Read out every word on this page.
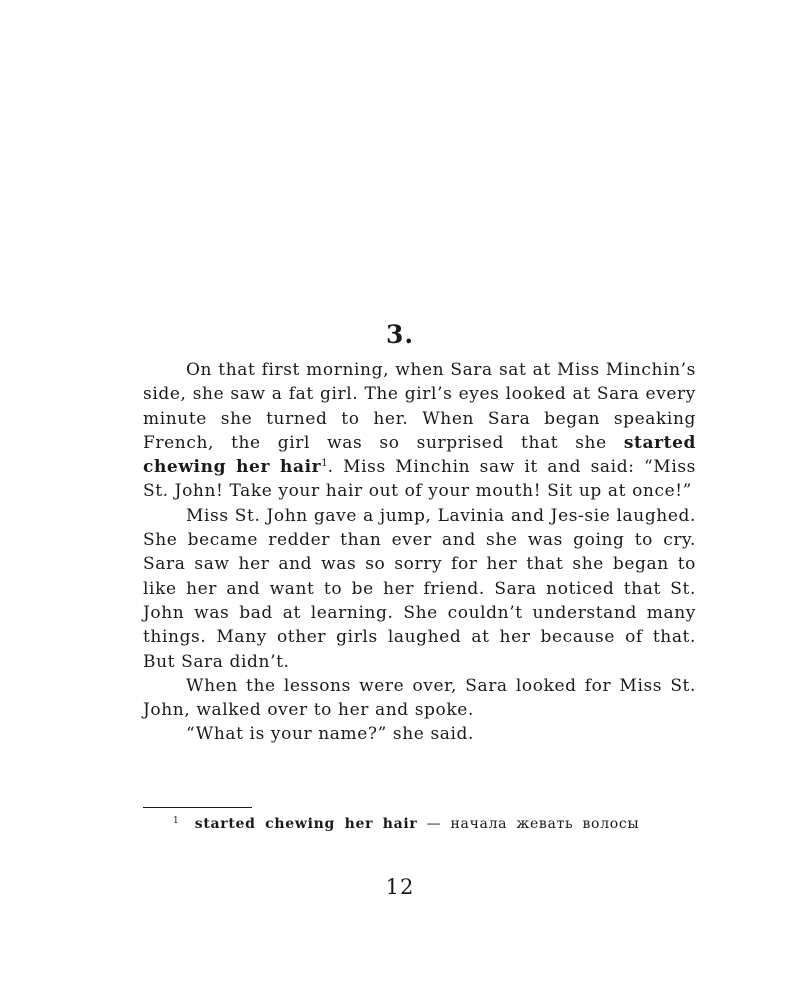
3.

On that first morning, when Sara sat at Miss Minchin’s side, she saw a fat girl. The girl’s eyes looked at Sara every minute she turned to her. When Sara began speaking French, the girl was so surprised that she started chewing her hair$^1$. Miss Minchin saw it and said: “Miss St. John! Take your hair out of your mouth! Sit up at once!”

Miss St. John gave a jump, Lavinia and Jes-sie laughed. She became redder than ever and she was going to cry. Sara saw her and was so sorry for her that she began to like her and want to be her friend. Sara noticed that St. John was bad at learning. She couldn’t understand many things. Many other girls laughed at her because of that. But Sara didn’t.

When the lessons were over, Sara looked for Miss St. John, walked over to her and spoke.

“What is your name?” she said.

$^1$ started chewing her hair — начала жевать волосы
12
